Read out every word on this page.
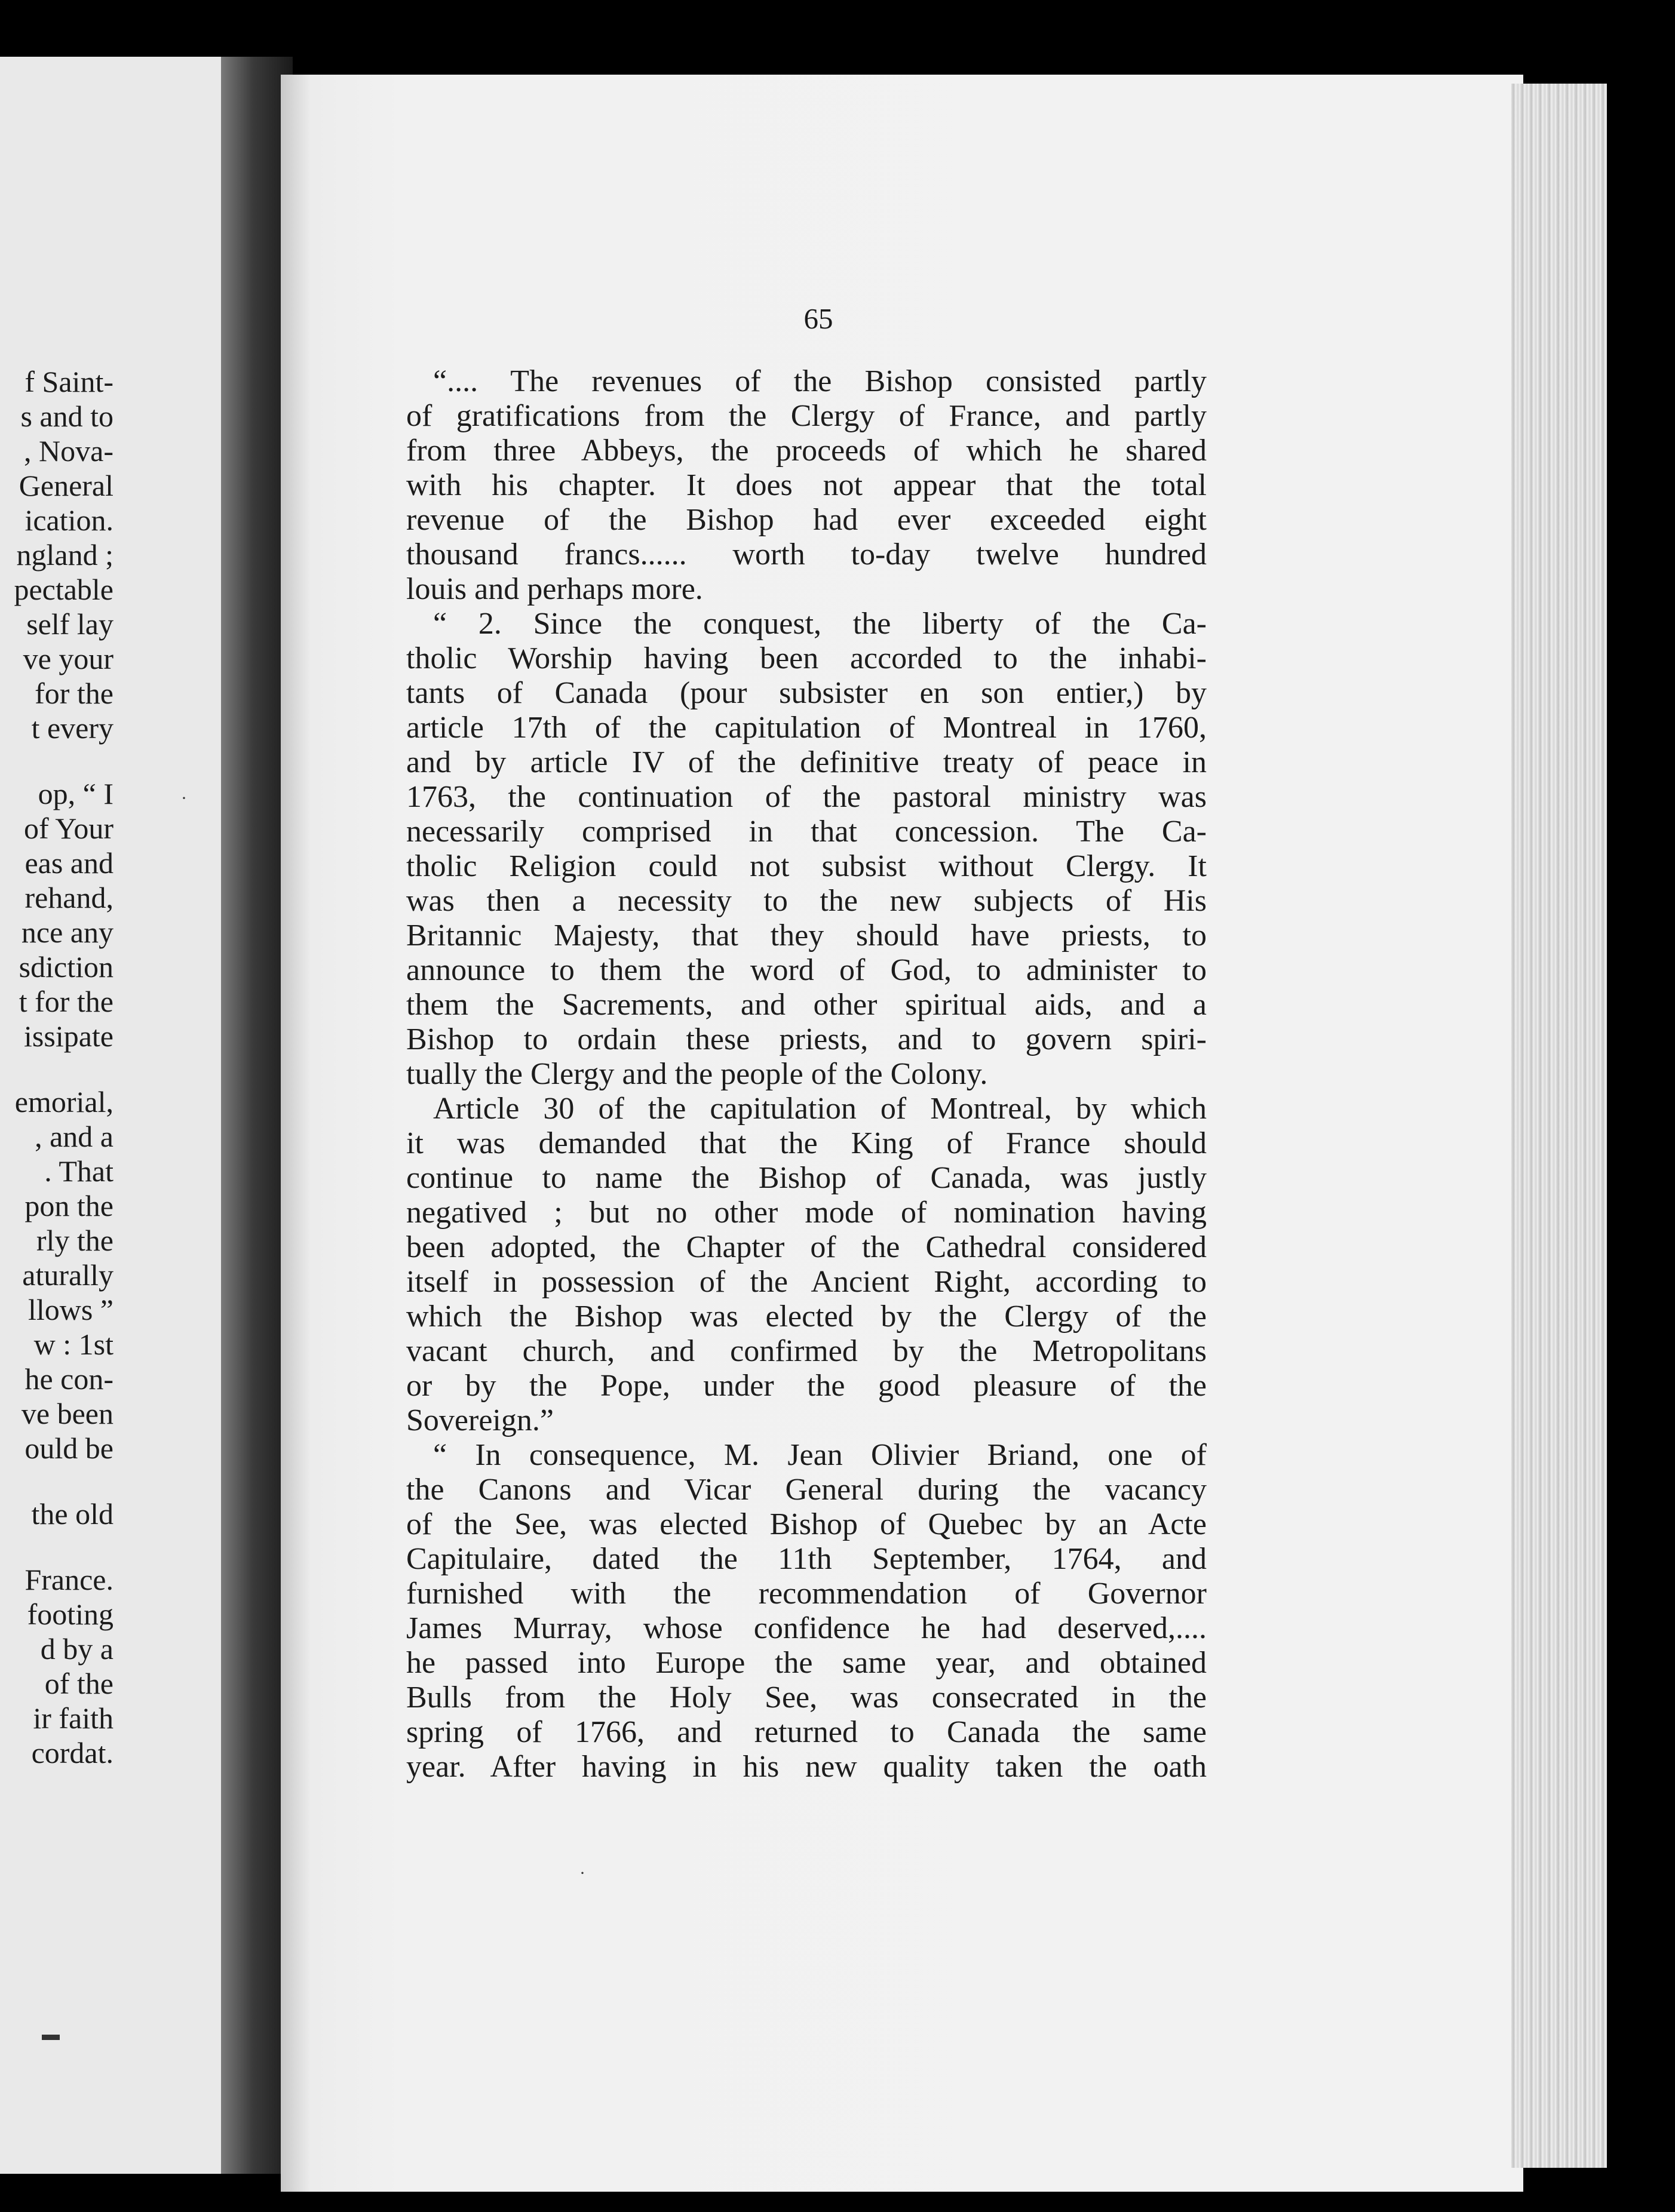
f Saint-
s and to
, Nova-
General
ication.
ngland ;
pectable
self lay
ve your
for the
t every
op, “ I
of Your
eas and
rehand,
nce any
sdiction
t for the
issipate
emorial,
, and a
. That
pon the
rly the
aturally
llows ”
w : 1st
he con-
ve been
ould be
the old
France.
footing
d by a
of the
ir faith
cordat.
65
“.... The revenues of the Bishop consisted partly
of gratifications from the Clergy of France, and partly
from three Abbeys, the proceeds of which he shared
with his chapter. It does not appear that the total
revenue of the Bishop had ever exceeded eight
thousand francs...... worth to-day twelve hundred
louis and perhaps more.
“ 2. Since the conquest, the liberty of the Ca-
tholic Worship having been accorded to the inhabi-
tants of Canada (pour subsister en son entier,) by
article 17th of the capitulation of Montreal in 1760,
and by article IV of the definitive treaty of peace in
1763, the continuation of the pastoral ministry was
necessarily comprised in that concession. The Ca-
tholic Religion could not subsist without Clergy. It
was then a necessity to the new subjects of His
Britannic Majesty, that they should have priests, to
announce to them the word of God, to administer to
them the Sacrements, and other spiritual aids, and a
Bishop to ordain these priests, and to govern spiri-
tually the Clergy and the people of the Colony.
Article 30 of the capitulation of Montreal, by which
it was demanded that the King of France should
continue to name the Bishop of Canada, was justly
negatived ; but no other mode of nomination having
been adopted, the Chapter of the Cathedral considered
itself in possession of the Ancient Right, according to
which the Bishop was elected by the Clergy of the
vacant church, and confirmed by the Metropolitans
or by the Pope, under the good pleasure of the
Sovereign.”
“ In consequence, M. Jean Olivier Briand, one of
the Canons and Vicar General during the vacancy
of the See, was elected Bishop of Quebec by an Acte
Capitulaire, dated the 11th September, 1764, and
furnished with the recommendation of Governor
James Murray, whose confidence he had deserved,....
he passed into Europe the same year, and obtained
Bulls from the Holy See, was consecrated in the
spring of 1766, and returned to Canada the same
year. After having in his new quality taken the oath
·
▬
·
